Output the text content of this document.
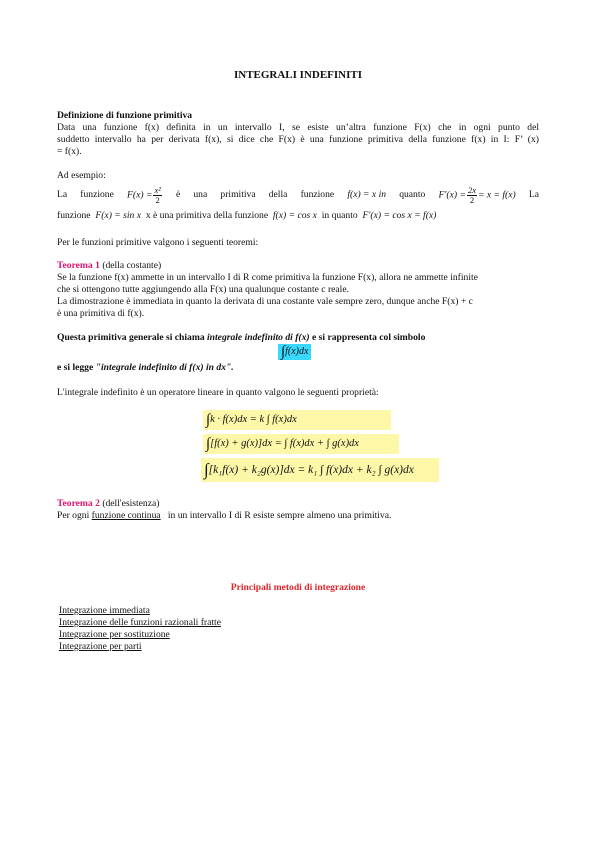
INTEGRALI INDEFINITI
Definizione di funzione primitiva
Data una funzione f(x) definita in un intervallo I, se esiste un’altra funzione F(x) che in ogni punto del
suddetto intervallo ha per derivata f(x), si dice che F(x) è una funzione primitiva della funzione f(x) in I: F’ (x)
= f(x).
Ad esempio:
La funzione $F(x) = \frac{\text{x²}}{2}$ è una primitiva della funzione f(x) = x in quanto $F'(x) = \frac{2x}{2} = x = f(x)$ La
funzione F(x) = sin x x è una primitiva della funzione f(x) = cos x in quanto F'(x) = cos x = f(x)
Per le funzioni primitive valgono i seguenti teoremi:
Teorema 1 (della costante)
Se la funzione f(x) ammette in un intervallo I di R come primitiva la funzione F(x), allora ne ammette infinite
che si ottengono tutte aggiungendo alla F(x) una qualunque costante c reale.
La dimostrazione è immediata in quanto la derivata di una costante vale sempre zero, dunque anche F(x) + c
è una primitiva di f(x).
Questa primitiva generale si chiama integrale indefinito di f(x) e si rappresenta col simbolo
∫f(x)dx
e si legge "integrale indefinito di f(x) in dx".
L'integrale indefinito è un operatore lineare in quanto valgono le seguenti proprietà:
∫k · f(x)dx = k ∫ f(x)dx
∫[f(x) + g(x)]dx = ∫ f(x)dx + ∫ g(x)dx
∫[k₁f(x) + k₂g(x)]dx = k₁ ∫ f(x)dx + k₂ ∫ g(x)dx
Teorema 2 (dell'esistenza)
Per ogni funzione continua   in un intervallo I di R esiste sempre almeno una primitiva.
Principali metodi di integrazione
Integrazione immediata
Integrazione delle funzioni razionali fratte
Integrazione per sostituzione
Integrazione per parti
